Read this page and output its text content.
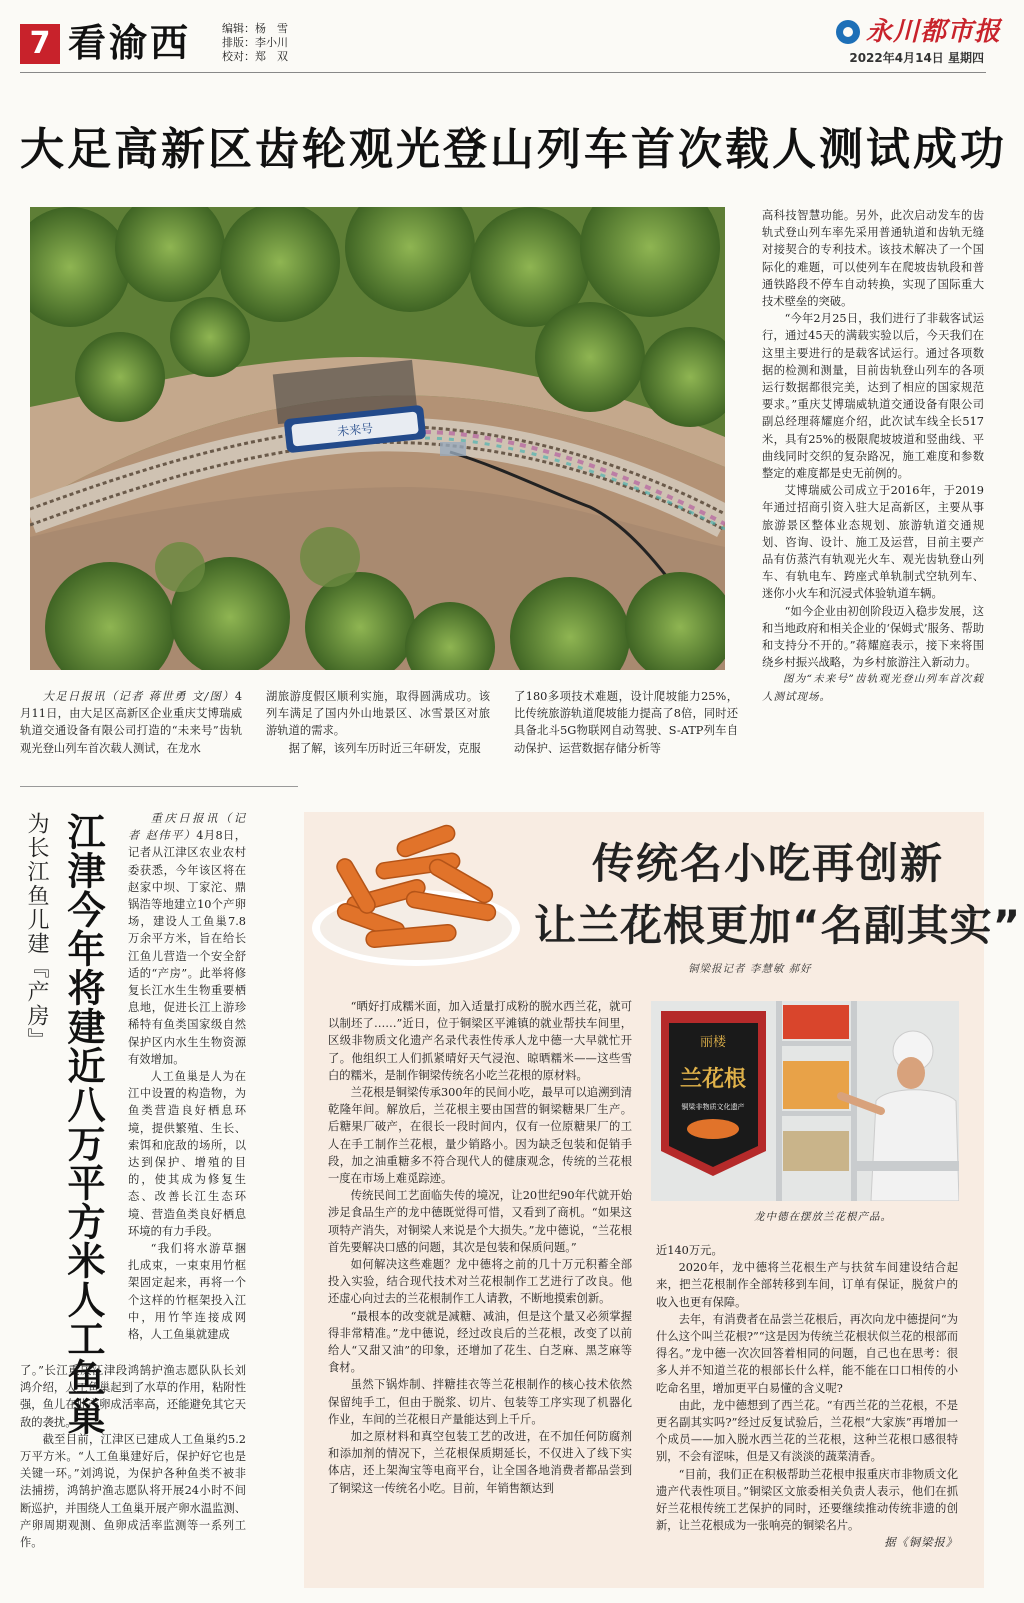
7 看渝西	编辑：杨　雪
排版：李小川
校对：郑　双
永川都市报
2022年4月14日 星期四
大足高新区齿轮观光登山列车首次载人测试成功
未来号

大足日报讯（记者 蒋世勇 文/图）4月11日，由大足区高新区企业重庆艾博瑞威轨道交通设备有限公司打造的“未来号”齿轨观光登山列车首次载人测试，在龙水

湖旅游度假区顺利实施，取得圆满成功。该列车满足了国内外山地景区、冰雪景区对旅游轨道的需求。

据了解，该列车历时近三年研发，克服

了180多项技术难题，设计爬坡能力25%，比传统旅游轨道爬坡能力提高了8倍，同时还具备北斗5G物联网自动驾驶、S-ATP列车自动保护、运营数据存储分析等

高科技智慧功能。另外，此次启动发车的齿轨式登山列车率先采用普通轨道和齿轨无缝对接契合的专利技术。该技术解决了一个国际化的难题，可以使列车在爬坡齿轨段和普通铁路段不停车自动转换，实现了国际重大技术壁垒的突破。

“今年2月25日，我们进行了非载客试运行，通过45天的满载实验以后，今天我们在这里主要进行的是载客试运行。通过各项数据的检测和测量，目前齿轨登山列车的各项运行数据都很完美，达到了相应的国家规范要求。”重庆艾博瑞威轨道交通设备有限公司副总经理蒋耀庭介绍，此次试车线全长517米，具有25%的极限爬坡坡道和竖曲线、平曲线同时交织的复杂路况，施工难度和参数整定的难度都是史无前例的。

艾博瑞威公司成立于2016年，于2019年通过招商引资入驻大足高新区，主要从事旅游景区整体业态规划、旅游轨道交通规划、咨询、设计、施工及运营，目前主要产品有仿蒸汽有轨观光火车、观光齿轨登山列车、有轨电车、跨座式单轨制式空轨列车、迷你小火车和沉浸式体验轨道车辆。

“如今企业由初创阶段迈入稳步发展，这和当地政府和相关企业的‘保姆式’服务、帮助和支持分不开的。”蒋耀庭表示，接下来将围绕乡村振兴战略，为乡村旅游注入新动力。

图为“未来号”齿轨观光登山列车首次载人测试现场。

为长江鱼儿建『产房』 江津今年将建近八万平方米人工鱼巢	重庆日报讯（记者 赵伟平）4月8日，记者从江津区农业农村委获悉，今年该区将在赵家中坝、丁家沱、鼎锅浩等地建立10个产卵场，建设人工鱼巢7.8万余平方米，旨在给长江鱼儿营造一个安全舒适的“产房”。此举将修复长江水生生物重要栖息地，促进长江上游珍稀特有鱼类国家级自然保护区内水生生物资源有效增加。

人工鱼巢是人为在江中设置的构造物，为鱼类营造良好栖息环境，提供繁殖、生长、索饵和庇敌的场所，以达到保护、增殖的目的，使其成为修复生态、改善长江生态环境、营造鱼类良好栖息环境的有力手段。

“我们将水游草捆扎成束，一束束用竹框架固定起来，再将一个个这样的竹框架投入江中，用竹竿连接成网格，人工鱼巢就建成

了。”长江重庆江津段鸿鹄护渔志愿队队长刘鸿介绍，人工鱼巢起到了水草的作用，粘附性强，鱼儿在此产卵成活率高，还能避免其它天敌的袭扰。

截至目前，江津区已建成人工鱼巢约5.2万平方米。“人工鱼巢建好后，保护好它也是关键一环。”刘鸿说，为保护各种鱼类不被非法捕捞，鸿鹄护渔志愿队将开展24小时不间断巡护，并围绕人工鱼巢开展产卵水温监测、产卵周期观测、鱼卵成活率监测等一系列工作。

传统名小吃再创新
让兰花根更加“名副其实”
铜梁报记者 李慧敏 郝好
丽楼
兰花根
铜梁非物质文化遗产
龙中德在摆放兰花根产品。

“晒好打成糯米面，加入适量打成粉的脱水西兰花，就可以制坯了……”近日，位于铜梁区平滩镇的就业帮扶车间里，区级非物质文化遗产名录代表性传承人龙中德一大早就忙开了。他组织工人们抓紧晴好天气浸泡、晾晒糯米——这些雪白的糯米，是制作铜梁传统名小吃兰花根的原材料。

兰花根是铜梁传承300年的民间小吃，最早可以追溯到清乾隆年间。解放后，兰花根主要由国营的铜梁糖果厂生产。后糖果厂破产，在很长一段时间内，仅有一位原糖果厂的工人在手工制作兰花根，量少销路小。因为缺乏包装和促销手段，加之油重糖多不符合现代人的健康观念，传统的兰花根一度在市场上难觅踪迹。

传统民间工艺面临失传的境况，让20世纪90年代就开始涉足食品生产的龙中德既觉得可惜，又看到了商机。“如果这项特产消失，对铜梁人来说是个大损失。”龙中德说，“兰花根首先要解决口感的问题，其次是包装和保质问题。”

如何解决这些难题？龙中德将之前的几十万元积蓄全部投入实验，结合现代技术对兰花根制作工艺进行了改良。他还虚心向过去的兰花根制作工人请教，不断地摸索创新。

“最根本的改变就是减糖、减油，但是这个量又必须掌握得非常精准。”龙中德说，经过改良后的兰花根，改变了以前给人“又甜又油”的印象，还增加了花生、白芝麻、黑芝麻等食材。

虽然下锅炸制、拌糖挂衣等兰花根制作的核心技术依然保留纯手工，但由于脱浆、切片、包装等工序实现了机器化作业，车间的兰花根日产量能达到上千斤。

加之原材料和真空包装工艺的改进，在不加任何防腐剂和添加剂的情况下，兰花根保质期延长，不仅进入了线下实体店，还上架淘宝等电商平台，让全国各地消费者都品尝到了铜梁这一传统名小吃。目前，年销售额达到

近140万元。

2020年，龙中德将兰花根生产与扶贫车间建设结合起来，把兰花根制作全部转移到车间，订单有保证，脱贫户的收入也更有保障。

去年，有消费者在品尝兰花根后，再次向龙中德提问“为什么这个叫兰花根?”“这是因为传统兰花根状似兰花的根部而得名。”龙中德一次次回答着相同的问题，自己也在思考：很多人并不知道兰花的根部长什么样，能不能在口口相传的小吃命名里，增加更平白易懂的含义呢?

由此，龙中德想到了西兰花。“有西兰花的兰花根，不是更名副其实吗?”经过反复试验后，兰花根“大家族”再增加一个成员——加入脱水西兰花的兰花根，这种兰花根口感很特别，不会有涩味，但是又有淡淡的蔬菜清香。

“目前，我们正在积极帮助兰花根申报重庆市非物质文化遗产代表性项目。”铜梁区文旅委相关负责人表示，他们在抓好兰花根传统工艺保护的同时，还要继续推动传统非遗的创新，让兰花根成为一张响亮的铜梁名片。

据《铜梁报》
